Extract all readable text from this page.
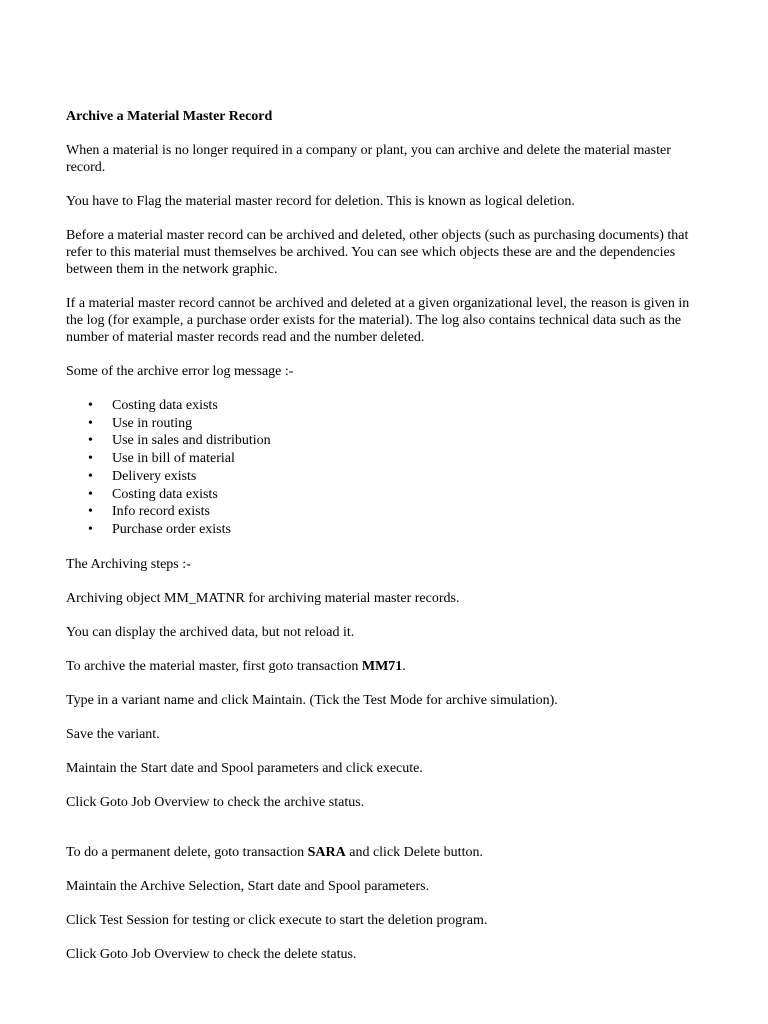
Archive a Material Master Record

When a material is no longer required in a company or plant, you can archive and delete the material master record.

You have to Flag the material master record for deletion. This is known as logical deletion.

Before a material master record can be archived and deleted, other objects (such as purchasing documents) that refer to this material must themselves be archived. You can see which objects these are and the dependencies between them in the network graphic.

If a material master record cannot be archived and deleted at a given organizational level, the reason is given in the log (for example, a purchase order exists for the material). The log also contains technical data such as the number of material master records read and the number deleted.

Some of the archive error log message :-

• Costing data exists
• Use in routing
• Use in sales and distribution
• Use in bill of material
• Delivery exists
• Costing data exists
• Info record exists
• Purchase order exists

The Archiving steps :-

Archiving object MM_MATNR for archiving material master records.

You can display the archived data, but not reload it.

To archive the material master, first goto transaction MM71.

Type in a variant name and click Maintain. (Tick the Test Mode for archive simulation).

Save the variant.

Maintain the Start date and Spool parameters and click execute.

Click Goto Job Overview to check the archive status.

To do a permanent delete, goto transaction SARA and click Delete button.

Maintain the Archive Selection, Start date and Spool parameters.

Click Test Session for testing or click execute to start the deletion program.

Click Goto Job Overview to check the delete status.
